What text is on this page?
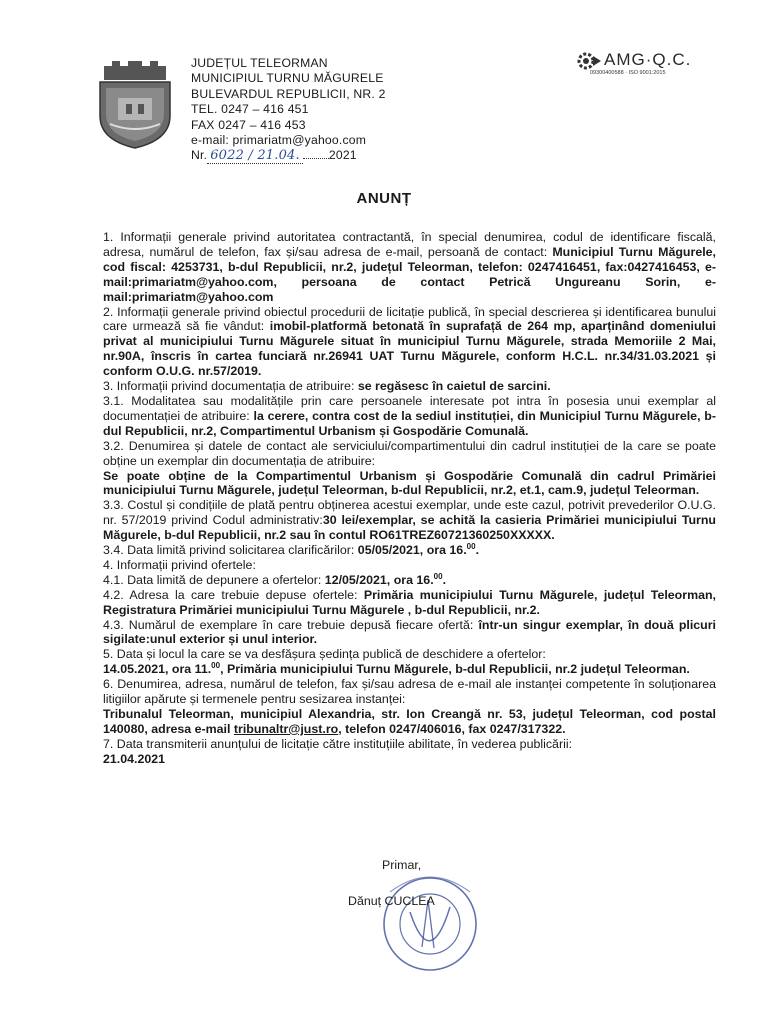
JUDEȚUL TELEORMAN
MUNICIPIUL TURNU MĂGURELE
BULEVARDUL REPUBLICII, NR. 2
TEL. 0247 – 416 451
FAX 0247 – 416 453
e-mail: primariatm@yahoo.com
Nr. 6022 / 21.04. 2021
AMG·Q.C.
09300400588 · ISO 9001:2015
ANUNȚ

1. Informații generale privind autoritatea contractantă, în special denumirea, codul de identificare fiscală, adresa, numărul de telefon, fax și/sau adresa de e-mail, persoană de contact: Municipiul Turnu Măgurele, cod fiscal: 4253731, b-dul Republicii, nr.2, județul Teleorman, telefon: 0247416451, fax:0427416453, e-mail:primariatm@yahoo.com, persoana de contact Petrică Ungureanu Sorin, e-mail:primariatm@yahoo.com

2. Informații generale privind obiectul procedurii de licitație publică, în special descrierea și identificarea bunului care urmează să fie vândut: imobil-platformă betonată în suprafață de 264 mp, aparținând domeniului privat al municipiului Turnu Măgurele situat în municipiul Turnu Măgurele, strada Memoriile 2 Mai, nr.90A, înscris în cartea funciară nr.26941 UAT Turnu Măgurele, conform H.C.L. nr.34/31.03.2021 și conform O.U.G. nr.57/2019.

3. Informații privind documentația de atribuire: se regăsesc în caietul de sarcini.

3.1. Modalitatea sau modalitățile prin care persoanele interesate pot intra în posesia unui exemplar al documentației de atribuire: la cerere, contra cost de la sediul instituției, din Municipiul Turnu Măgurele, b-dul Republicii, nr.2, Compartimentul Urbanism și Gospodărie Comunală.

3.2. Denumirea și datele de contact ale serviciului/compartimentului din cadrul instituției de la care se poate obține un exemplar din documentația de atribuire:
Se poate obține de la Compartimentul Urbanism și Gospodărie Comunală din cadrul Primăriei municipiului Turnu Măgurele, județul Teleorman, b-dul Republicii, nr.2, et.1, cam.9, județul Teleorman.

3.3. Costul și condițiile de plată pentru obținerea acestui exemplar, unde este cazul, potrivit prevederilor O.U.G. nr. 57/2019 privind Codul administrativ:30 lei/exemplar, se achită la casieria Primăriei municipiului Turnu Măgurele, b-dul Republicii, nr.2 sau în contul RO61TREZ60721360250XXXXX.

3.4. Data limită privind solicitarea clarificărilor: 05/05/2021, ora 16.00.

4. Informații privind ofertele:

4.1. Data limită de depunere a ofertelor: 12/05/2021, ora 16.00.

4.2. Adresa la care trebuie depuse ofertele: Primăria municipiului Turnu Măgurele, județul Teleorman, Registratura Primăriei municipiului Turnu Măgurele , b-dul Republicii, nr.2.

4.3. Numărul de exemplare în care trebuie depusă fiecare ofertă: într-un singur exemplar, în două plicuri sigilate:unul exterior și unul interior.

5. Data și locul la care se va desfășura ședința publică de deschidere a ofertelor:
14.05.2021, ora 11.00, Primăria municipiului Turnu Măgurele, b-dul Republicii, nr.2 județul Teleorman.

6. Denumirea, adresa, numărul de telefon, fax și/sau adresa de e-mail ale instanței competente în soluționarea litigiilor apărute și termenele pentru sesizarea instanței:
Tribunalul Teleorman, municipiul Alexandria, str. Ion Creangă nr. 53, județul Teleorman, cod postal 140080, adresa e-mail tribunaltr@just.ro, telefon 0247/406016, fax 0247/317322.

7. Data transmiterii anunțului de licitație către instituțiile abilitate, în vederea publicării:
21.04.2021

Primar,
Dănuț CUCLEA
